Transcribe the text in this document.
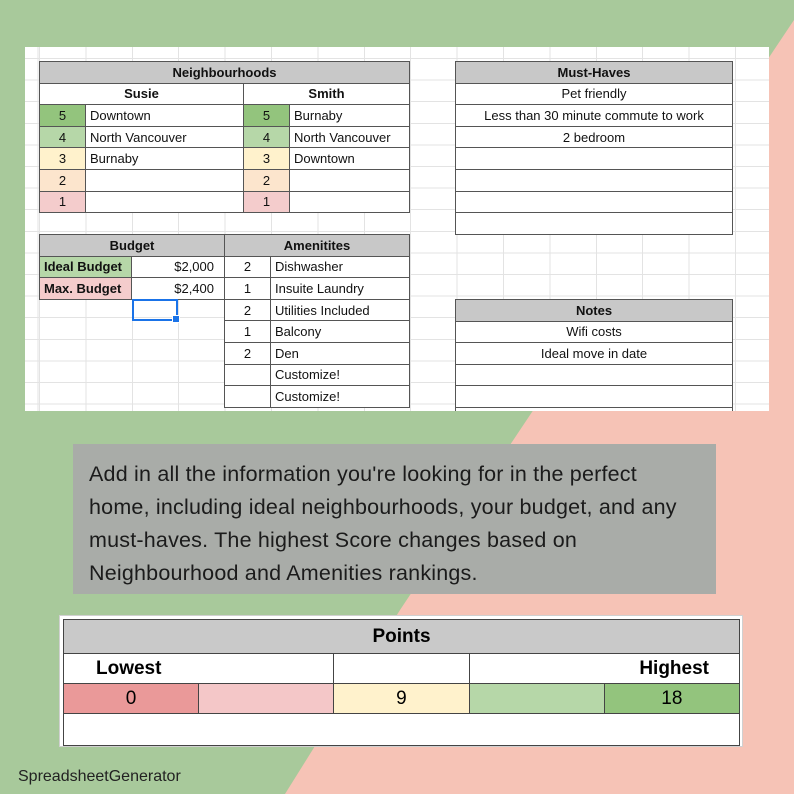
Neighbourhoods			
Susie		Smith	
5	Downtown	5	Burnaby
4	North Vancouver	4	North Vancouver
3	Burnaby	3	Downtown
2		2	
1		1	
Must-Haves
Pet friendly
Less than 30 minute commute to work
2 bedroom

Budget	
Ideal Budget	$2,000
Max. Budget	$2,400
Amenitites	
2	Dishwasher
1	Insuite Laundry
2	Utilities Included
1	Balcony
2	Den
	Customize!
	Customize!
Notes
Wifi costs
Ideal move in date

Add in all the information you're looking for in the perfect home, including ideal neighbourhoods, your budget, and any must-haves. The highest Score changes based on Neighbourhood and Amenities rankings.

Points				
Lowest			Highest	
0		9		18

SpreadsheetGenerator
